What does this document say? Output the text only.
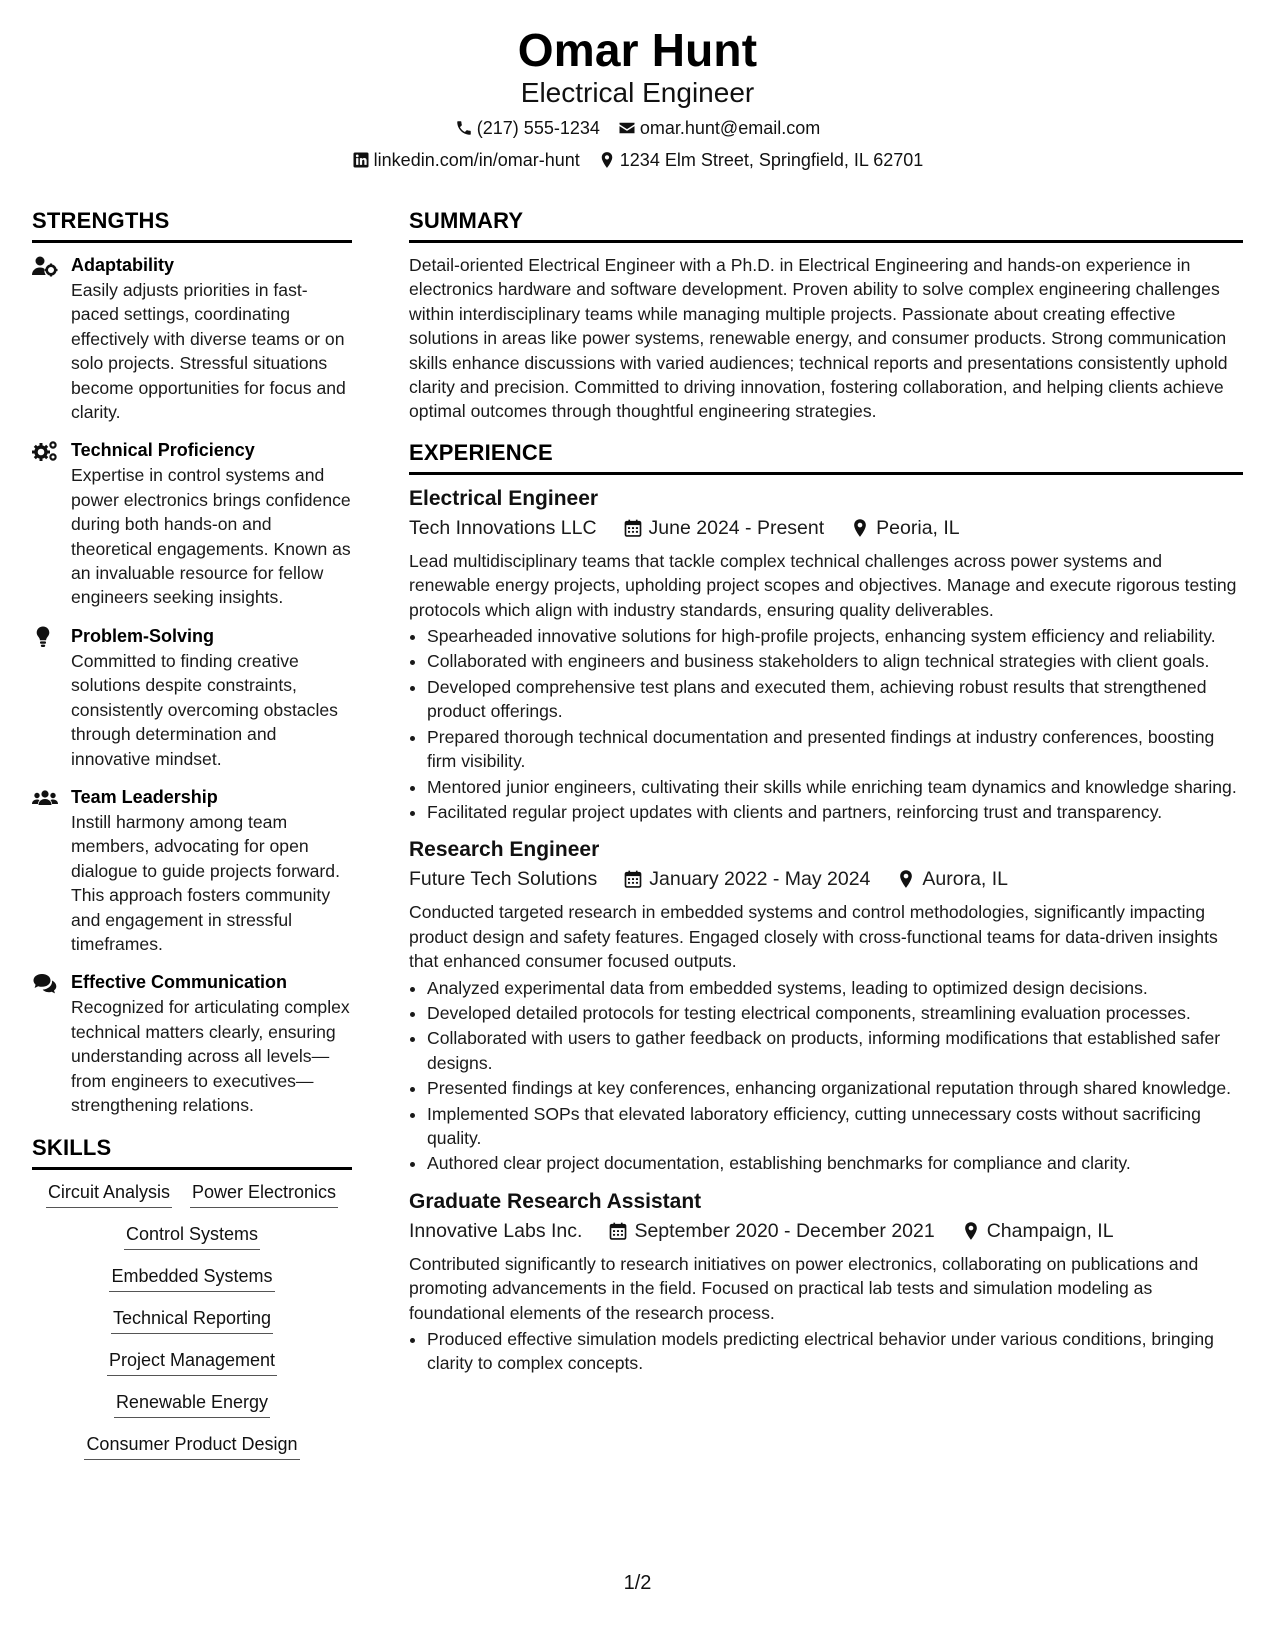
Omar Hunt
Electrical Engineer
(217) 555-1234 omar.hunt@email.com
linkedin.com/in/omar-hunt 1234 Elm Street, Springfield, IL 62701
STRENGTHS
Adaptability
Easily adjusts priorities in fast-paced settings, coordinating effectively with diverse teams or on solo projects. Stressful situations become opportunities for focus and clarity.
Technical Proficiency
Expertise in control systems and power electronics brings confidence during both hands-on and theoretical engagements. Known as an invaluable resource for fellow engineers seeking insights.
Problem-Solving
Committed to finding creative solutions despite constraints, consistently overcoming obstacles through determination and innovative mindset.
Team Leadership
Instill harmony among team members, advocating for open dialogue to guide projects forward. This approach fosters community and engagement in stressful timeframes.
Effective Communication
Recognized for articulating complex technical matters clearly, ensuring understanding across all levels—from engineers to executives—strengthening relations.
SKILLS
Circuit Analysis Power Electronics
Control Systems
Embedded Systems
Technical Reporting
Project Management
Renewable Energy
Consumer Product Design
SUMMARY
Detail-oriented Electrical Engineer with a Ph.D. in Electrical Engineering and hands-on experience in electronics hardware and software development. Proven ability to solve complex engineering challenges within interdisciplinary teams while managing multiple projects. Passionate about creating effective solutions in areas like power systems, renewable energy, and consumer products. Strong communication skills enhance discussions with varied audiences; technical reports and presentations consistently uphold clarity and precision. Committed to driving innovation, fostering collaboration, and helping clients achieve optimal outcomes through thoughtful engineering strategies.
EXPERIENCE
Electrical Engineer
Tech Innovations LLC	June 2024 - Present	Peoria, IL
Lead multidisciplinary teams that tackle complex technical challenges across power systems and renewable energy projects, upholding project scopes and objectives. Manage and execute rigorous testing protocols which align with industry standards, ensuring quality deliverables.
• Spearheaded innovative solutions for high-profile projects, enhancing system efficiency and reliability.
• Collaborated with engineers and business stakeholders to align technical strategies with client goals.
• Developed comprehensive test plans and executed them, achieving robust results that strengthened product offerings.
• Prepared thorough technical documentation and presented findings at industry conferences, boosting firm visibility.
• Mentored junior engineers, cultivating their skills while enriching team dynamics and knowledge sharing.
• Facilitated regular project updates with clients and partners, reinforcing trust and transparency.
Research Engineer
Future Tech Solutions	January 2022 - May 2024	Aurora, IL
Conducted targeted research in embedded systems and control methodologies, significantly impacting product design and safety features. Engaged closely with cross-functional teams for data-driven insights that enhanced consumer focused outputs.
• Analyzed experimental data from embedded systems, leading to optimized design decisions.
• Developed detailed protocols for testing electrical components, streamlining evaluation processes.
• Collaborated with users to gather feedback on products, informing modifications that established safer designs.
• Presented findings at key conferences, enhancing organizational reputation through shared knowledge.
• Implemented SOPs that elevated laboratory efficiency, cutting unnecessary costs without sacrificing quality.
• Authored clear project documentation, establishing benchmarks for compliance and clarity.
Graduate Research Assistant
Innovative Labs Inc.	September 2020 - December 2021	Champaign, IL
Contributed significantly to research initiatives on power electronics, collaborating on publications and promoting advancements in the field. Focused on practical lab tests and simulation modeling as foundational elements of the research process.
• Produced effective simulation models predicting electrical behavior under various conditions, bringing clarity to complex concepts.
1/2
